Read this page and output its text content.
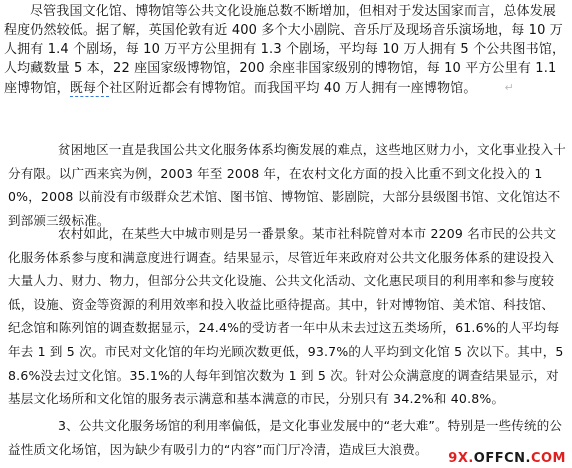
尽管我国文化馆、博物馆等公共文化设施总数不断增加，但相对于发达国家而言，总体发展程度仍然较低。据了解，英国伦敦有近 400 多个大小剧院、音乐厅及现场音乐演场地，每 10 万人拥有 1.4 个剧场，每 10 万平方公里拥有 1.3 个剧场，平均每 10 万人拥有 5 个公共图书馆，人均藏数量 5 本，22 座国家级博物馆，200 余座非国家级别的博物馆，每 10 平方公里有 1.1 座博物馆，既每个社区附近都会有博物馆。而我国平均 40 万人拥有一座博物馆。	↵
贫困地区一直是我国公共文化服务体系均衡发展的难点，这些地区财力小，文化事业投入十分有限。以广西来宾为例，2003 年至 2008 年，在农村文化方面的投入比重不到文化投入的 10%，2008 以前没有市级群众艺术馆、图书馆、博物馆、影剧院，大部分县级图书馆、文化馆达不到部颁三级标准。
农村如此，在某些大中城市则是另一番景象。某市社科院曾对本市 2209 名市民的公共文化服务体系参与度和满意度进行调查。结果显示，尽管近年来政府对公共文化服务体系的建设投入大量人力、财力、物力，但部分公共文化设施、公共文化活动、文化惠民项目的利用率和参与度较低，设施、资金等资源的利用效率和投入收益比亟待提高。其中，针对博物馆、美术馆、科技馆、纪念馆和陈列馆的调查数据显示，24.4%的受访者一年中从未去过这五类场所，61.6%的人平均每年去 1 到 5 次。市民对文化馆的年均光顾次数更低，93.7%的人平均到文化馆 5 次以下。其中，58.6%没去过文化馆。35.1%的人每年到馆次数为 1 到 5 次。针对公众满意度的调查结果显示，对基层文化场所和文化馆的服务表示满意和基本满意的市民，分别只有 34.2%和 40.8%。
3、公共文化服务场馆的利用率偏低，是文化事业发展中的“老大难”。特别是一些传统的公益性质文化场馆，因为缺少有吸引力的“内容”而门厅冷清，造成巨大浪费。
9X.OFFCN.COM
